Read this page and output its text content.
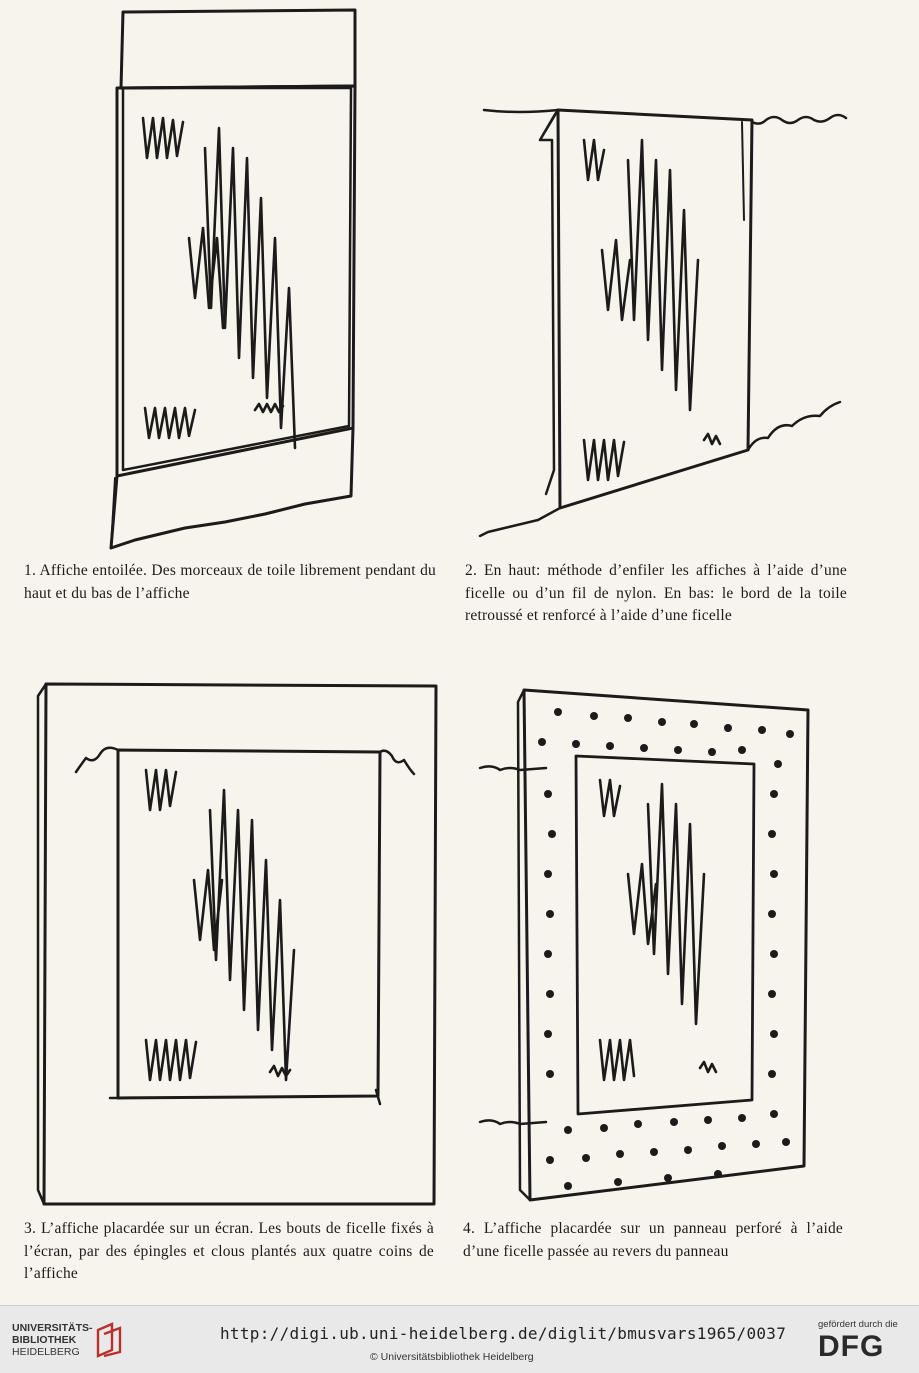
1. Affiche entoilée. Des morceaux de toile librement pendant du haut et du bas de l’affiche
2. En haut: méthode d’enfiler les affiches à l’aide d’une ficelle ou d’un fil de nylon. En bas: le bord de la toile retroussé et renforcé à l’aide d’une ficelle
3. L’affiche placardée sur un écran. Les bouts de ficelle fixés à l’écran, par des épingles et clous plantés aux quatre coins de l’affiche
4. L’affiche placardée sur un panneau perforé à l’aide d’une ficelle passée au revers du panneau
UNIVERSITÄTS-
BIBLIOTHEK
HEIDELBERG
http://digi.ub.uni-heidelberg.de/diglit/bmusvars1965/0037
© Universitätsbibliothek Heidelberg
gefördert durch die
DFG
